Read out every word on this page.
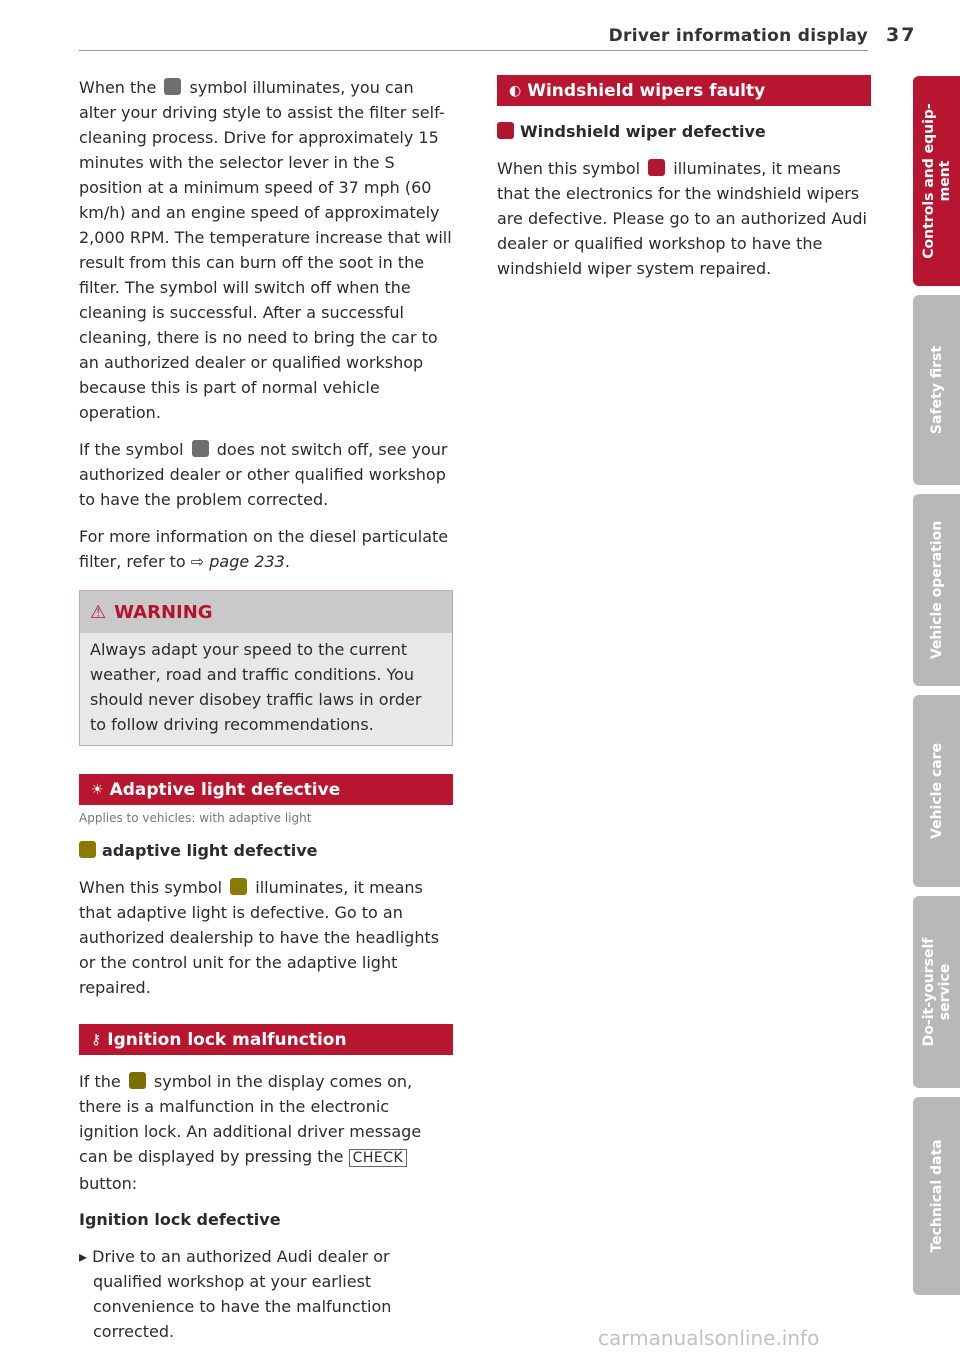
Driver information display 37

When the symbol illuminates, you can alter your driving style to assist the filter self-cleaning process. Drive for approximately 15 minutes with the selector lever in the S position at a minimum speed of 37 mph (60 km/h) and an engine speed of approximately 2,000 RPM. The temperature increase that will result from this can burn off the soot in the filter. The symbol will switch off when the cleaning is successful. After a successful cleaning, there is no need to bring the car to an authorized dealer or qualified workshop because this is part of normal vehicle operation.

If the symbol does not switch off, see your authorized dealer or other qualified workshop to have the problem corrected.

For more information on the diesel particulate filter, refer to ⇨ page 233.

⚠ WARNING

Always adapt your speed to the current weather, road and traffic conditions. You should never disobey traffic laws in order to follow driving recommendations.

☀ Adaptive light defective
Applies to vehicles: with adaptive light
adaptive light defective

When this symbol illuminates, it means that adaptive light is defective. Go to an authorized dealership to have the headlights or the control unit for the adaptive light repaired.

⚷ Ignition lock malfunction

If the symbol in the display comes on, there is a malfunction in the electronic ignition lock. An additional driver message can be displayed by pressing the CHECK button:

Ignition lock defective

▸ Drive to an authorized Audi dealer or qualified workshop at your earliest convenience to have the malfunction corrected.

◐ Windshield wipers faulty
Windshield wiper defective

When this symbol illuminates, it means that the electronics for the windshield wipers are defective. Please go to an authorized Audi dealer or qualified workshop to have the windshield wiper system repaired.

Controls and equip-
ment
Safety first
Vehicle operation
Vehicle care
Do-it-yourself
service
Technical data
carmanualsonline.info
